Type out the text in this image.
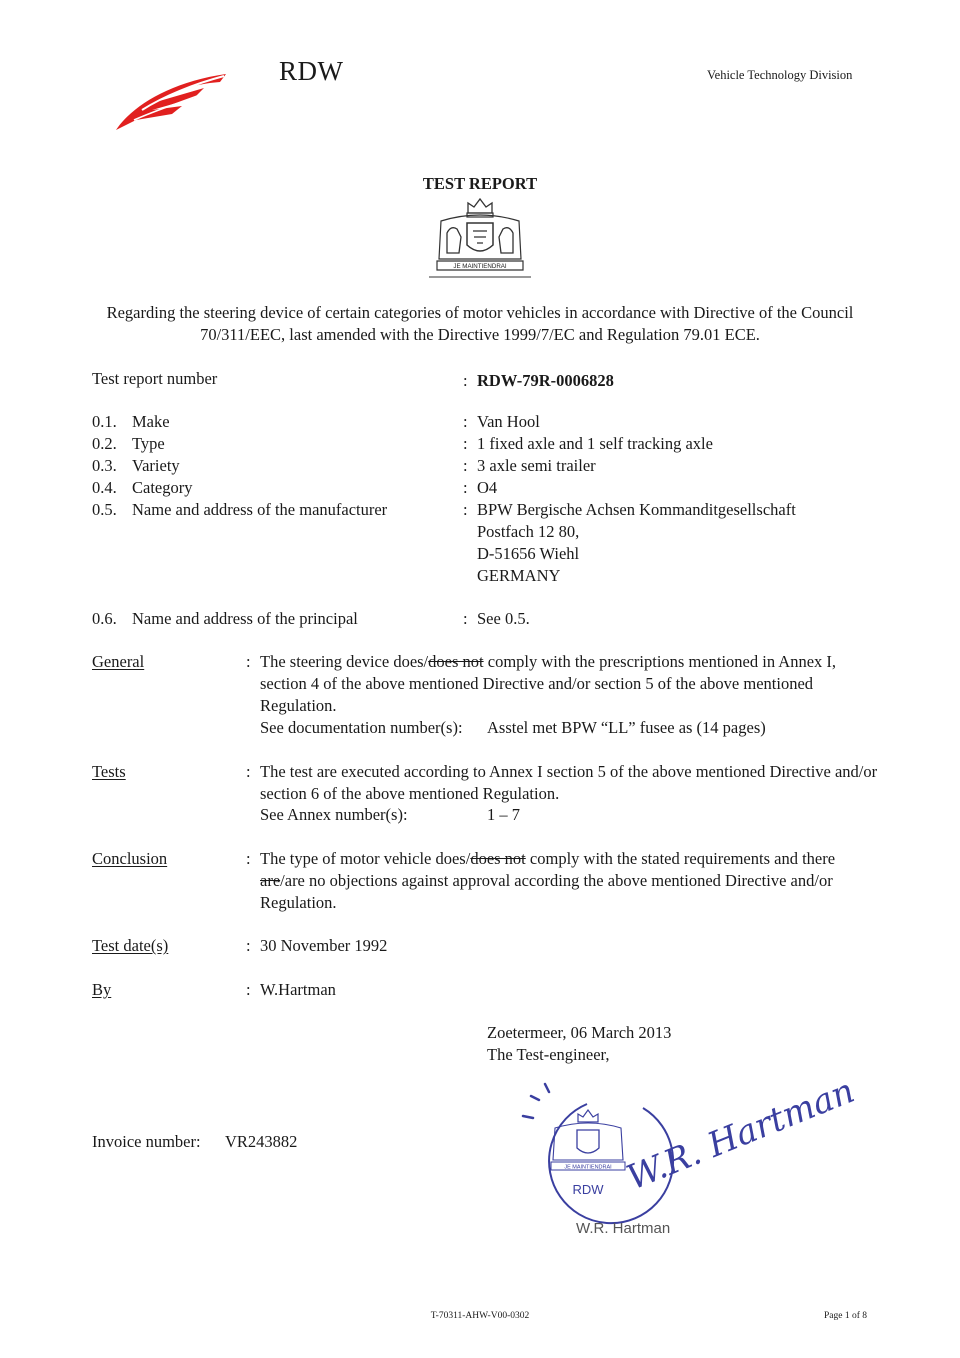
RDW	Vehicle Technology Division
TEST REPORT
JE MAINTIENDRAI
Regarding the steering device of certain categories of motor vehicles in accordance with Directive of the Council 70/311/EEC, last amended with the Directive 1999/7/EC and Regulation 79.01 ECE.
Test report number	: RDW-79R-0006828
0.1. Make	: Van Hool
0.2. Type	: 1 fixed axle and 1 self tracking axle
0.3. Variety	: 3 axle semi trailer
0.4. Category	: O4
0.5. Name and address of the manufacturer	: BPW Bergische Achsen Kommanditgesellschaft
Postfach 12 80,
D-51656 Wiehl
GERMANY
0.6. Name and address of the principal	: See 0.5.
General	: The steering device does/does not comply with the prescriptions mentioned in Annex I, section 4 of the above mentioned Directive and/or section 5 of the above mentioned Regulation.
See documentation number(s): Asstel met BPW “LL” fusee as (14 pages)
Tests	: The test are executed according to Annex I section 5 of the above mentioned Directive and/or section 6 of the above mentioned Regulation.
See Annex number(s):	1 – 7
Conclusion	: The type of motor vehicle does/does not comply with the stated requirements and there are/are no objections against approval according the above mentioned Directive and/or Regulation.
Test date(s)	: 30 November 1992
By	: W.Hartman
Zoetermeer, 06 March 2013
The Test-engineer,
Invoice number: VR243882
JE MAINTIENDRAI
RDW W.R. Hartman
W.R. Hartman
T-70311-AHW-V00-0302	Page 1 of 8
